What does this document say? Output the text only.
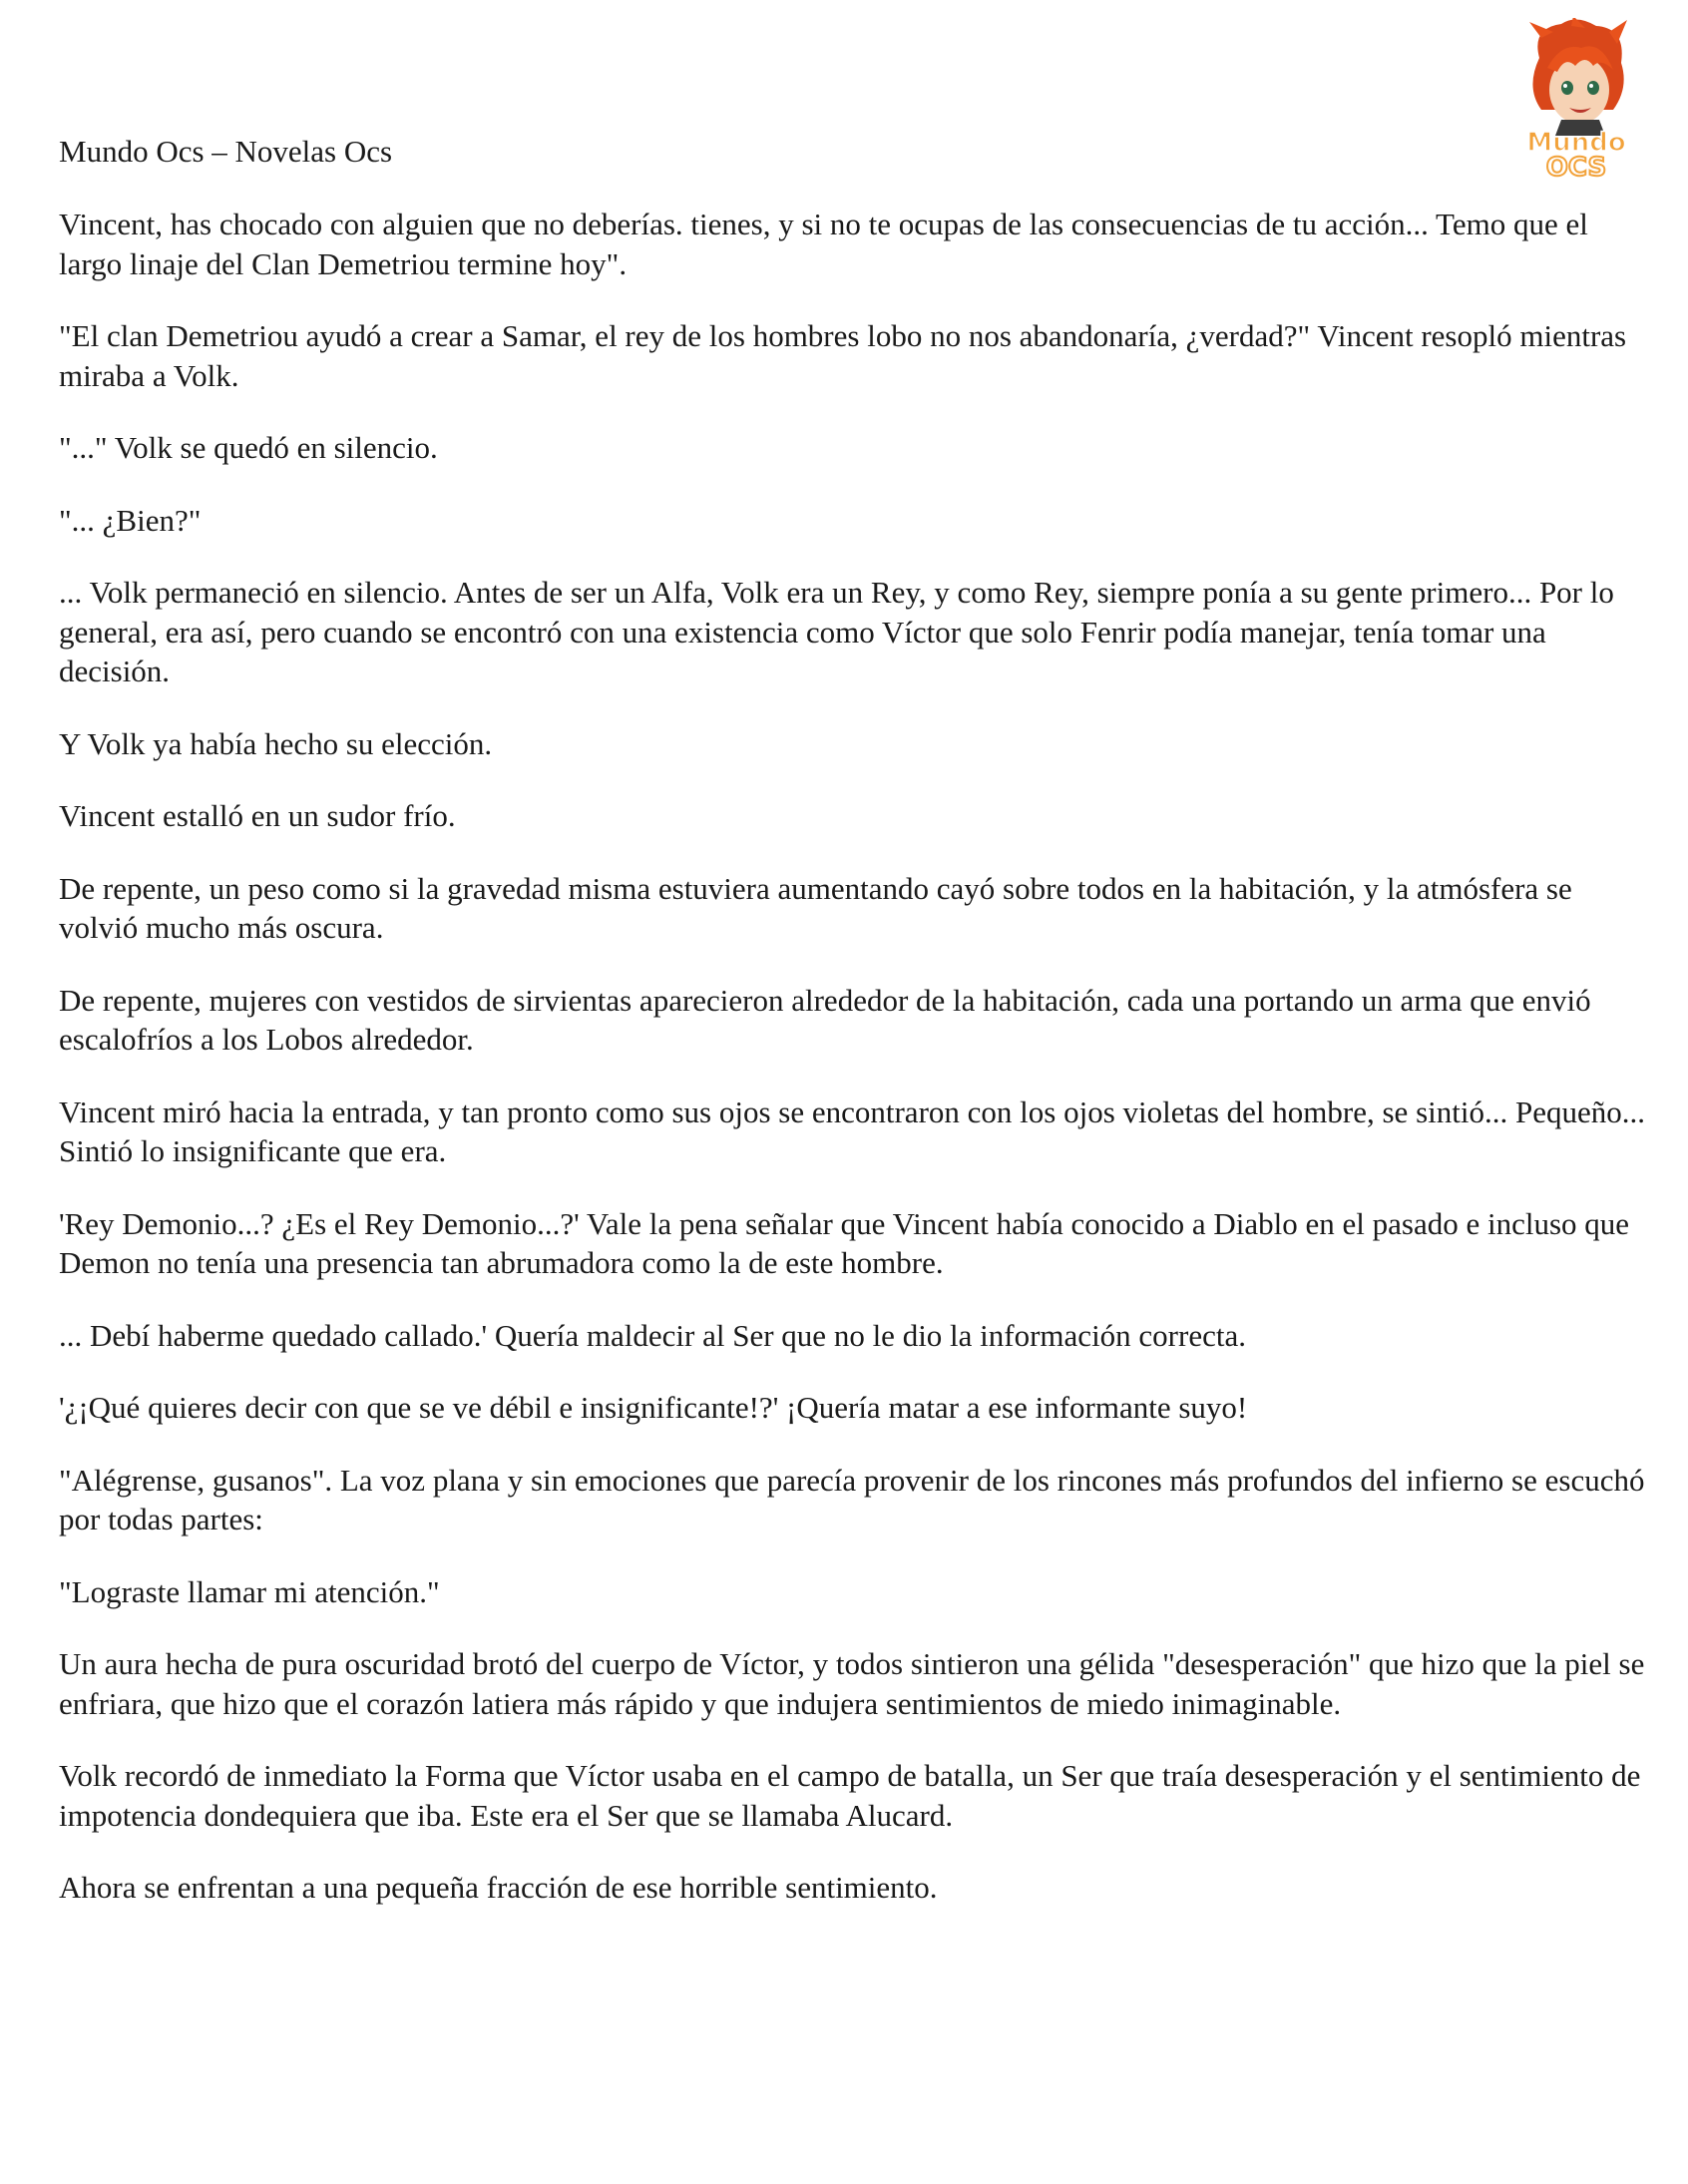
Mundo
OCS
Mundo Ocs – Novelas Ocs

Vincent, has chocado con alguien que no deberías. tienes, y si no te ocupas de las consecuencias de tu acción... Temo que el largo linaje del Clan Demetriou termine hoy".

"El clan Demetriou ayudó a crear a Samar, el rey de los hombres lobo no nos abandonaría, ¿verdad?" Vincent resopló mientras miraba a Volk.

"..." Volk se quedó en silencio.

"... ¿Bien?"

... Volk permaneció en silencio. Antes de ser un Alfa, Volk era un Rey, y como Rey, siempre ponía a su gente primero... Por lo general, era así, pero cuando se encontró con una existencia como Víctor que solo Fenrir podía manejar, tenía tomar una decisión.

Y Volk ya había hecho su elección.

Vincent estalló en un sudor frío.

De repente, un peso como si la gravedad misma estuviera aumentando cayó sobre todos en la habitación, y la atmósfera se volvió mucho más oscura.

De repente, mujeres con vestidos de sirvientas aparecieron alrededor de la habitación, cada una portando un arma que envió escalofríos a los Lobos alrededor.

Vincent miró hacia la entrada, y tan pronto como sus ojos se encontraron con los ojos violetas del hombre, se sintió... Pequeño... Sintió lo insignificante que era.

'Rey Demonio...? ¿Es el Rey Demonio...?' Vale la pena señalar que Vincent había conocido a Diablo en el pasado e incluso que Demon no tenía una presencia tan abrumadora como la de este hombre.

... Debí haberme quedado callado.' Quería maldecir al Ser que no le dio la información correcta.

'¿¡Qué quieres decir con que se ve débil e insignificante!?' ¡Quería matar a ese informante suyo!

"Alégrense, gusanos". La voz plana y sin emociones que parecía provenir de los rincones más profundos del infierno se escuchó por todas partes:

"Lograste llamar mi atención."

Un aura hecha de pura oscuridad brotó del cuerpo de Víctor, y todos sintieron una gélida "desesperación" que hizo que la piel se enfriara, que hizo que el corazón latiera más rápido y que indujera sentimientos de miedo inimaginable.

Volk recordó de inmediato la Forma que Víctor usaba en el campo de batalla, un Ser que traía desesperación y el sentimiento de impotencia dondequiera que iba. Este era el Ser que se llamaba Alucard.

Ahora se enfrentan a una pequeña fracción de ese horrible sentimiento.
